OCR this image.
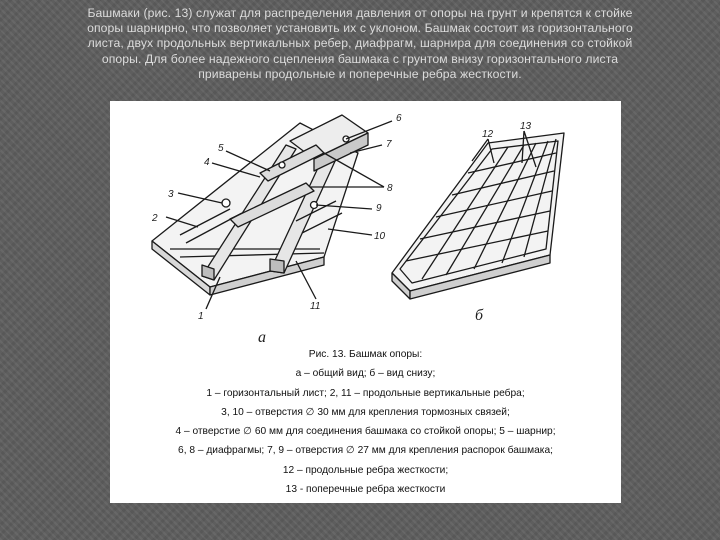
Башмаки (рис. 13) служат для распределения давления от опоры на грунт и крепятся к стойке
опоры шарнирно, что позволяет установить их с уклоном. Башмак состоит из горизонтального
листа, двух продольных вертикальных ребер, диафрагм, шарнира для соединения со стойкой
опоры. Для более надежного сцепления башмака с грунтом внизу горизонтального листа
приварены продольные и поперечные ребра жесткости.
6
5
4
7
3
8
2
9
10
1
11
12
13
а
б
Рис. 13. Башмак опоры:
а – общий вид; б – вид снизу;
1 – горизонтальный лист; 2, 11 – продольные вертикальные ребра;
3, 10 – отверстия ∅ 30 мм для крепления тормозных связей;
4 – отверстие ∅ 60 мм для соединения башмака со стойкой опоры; 5 – шарнир;
6, 8 – диафрагмы; 7, 9 – отверстия ∅ 27 мм для крепления распорок башмака;
12 – продольные ребра жесткости;
13 - поперечные ребра жесткости
